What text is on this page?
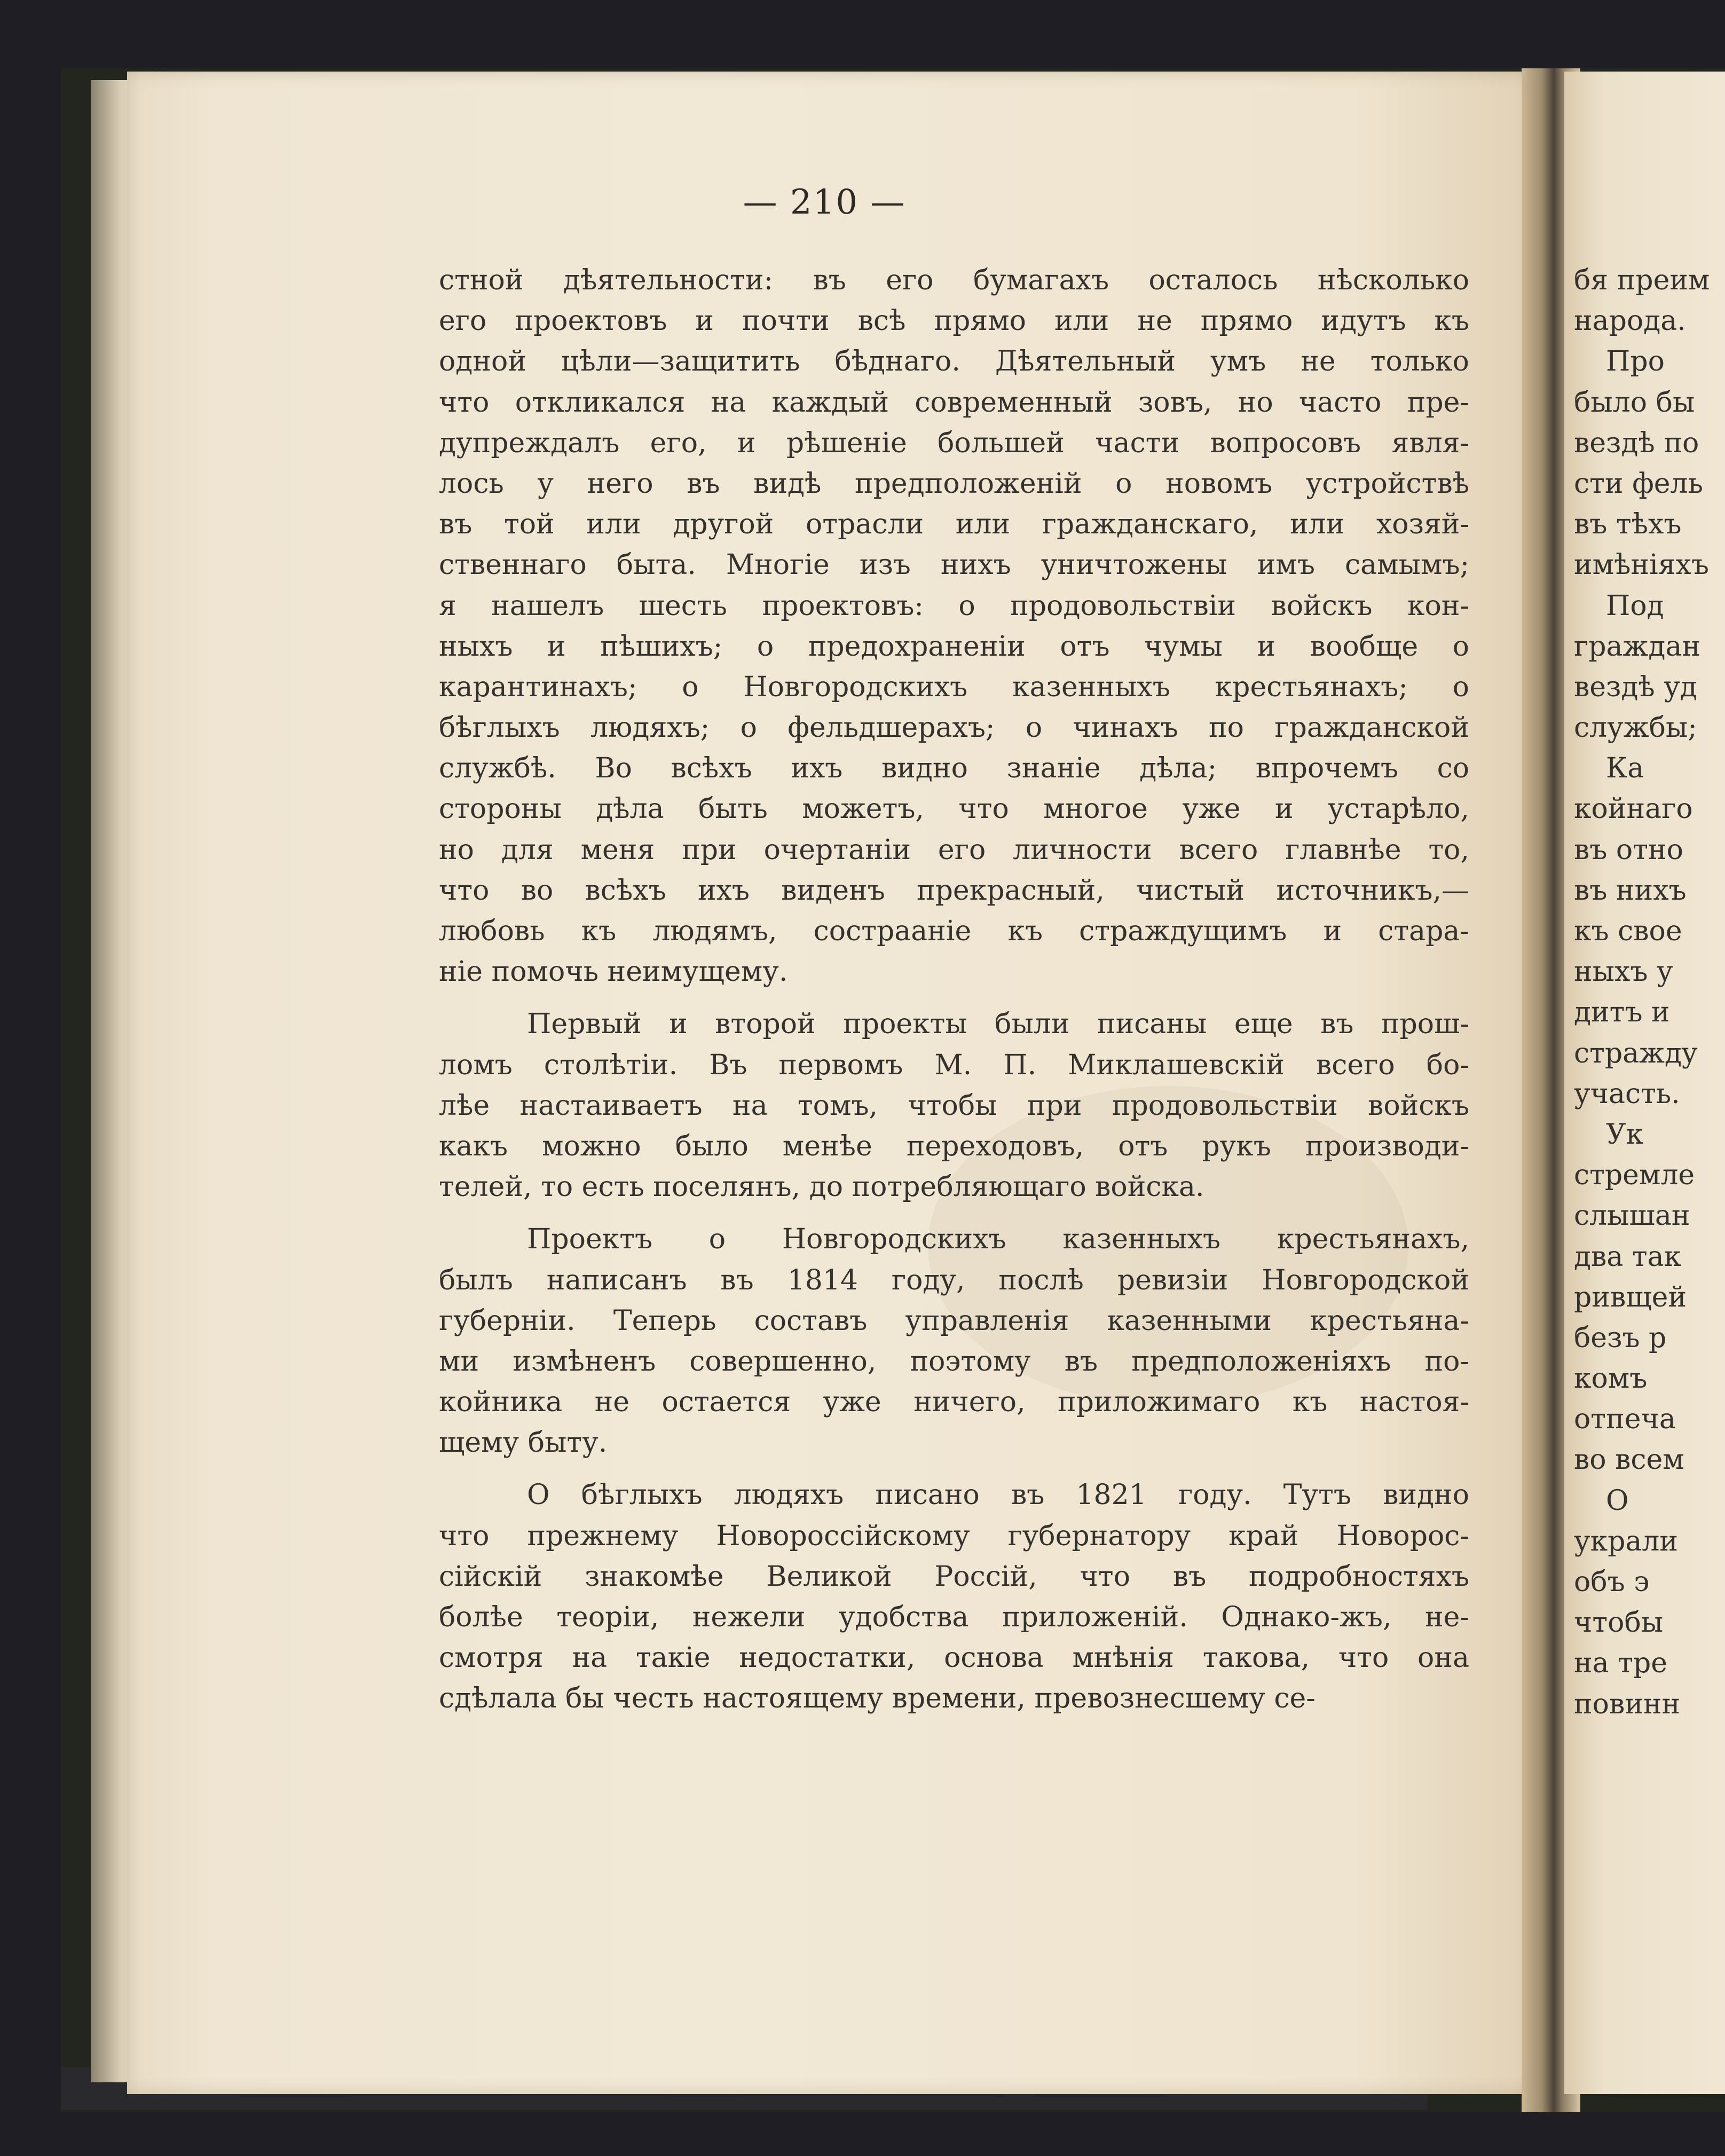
— 210 —
стной дѣятельности: въ его бумагахъ осталось нѣсколько
его проектовъ и почти всѣ прямо или не прямо идутъ къ
одной цѣли—защитить бѣднаго. Дѣятельный умъ не только
что откликался на каждый современный зовъ, но часто пре-
дупреждалъ его, и рѣшеніе большей части вопросовъ явля-
лось у него въ видѣ предположеній о новомъ устройствѣ
въ той или другой отрасли или гражданскаго, или хозяй-
ственнаго быта. Многіе изъ нихъ уничтожены имъ самымъ;
я нашелъ шесть проектовъ: о продовольствіи войскъ кон-
ныхъ и пѣшихъ; о предохраненіи отъ чумы и вообще о
карантинахъ; о Новгородскихъ казенныхъ крестьянахъ; о
бѣглыхъ людяхъ; о фельдшерахъ; о чинахъ по гражданской
службѣ. Во всѣхъ ихъ видно знаніе дѣла; впрочемъ со
стороны дѣла быть можетъ, что многое уже и устарѣло,
но для меня при очертаніи его личности всего главнѣе то,
что во всѣхъ ихъ виденъ прекрасный, чистый источникъ,—
любовь къ людямъ, сострааніе къ страждущимъ и стара-
ніе помочь неимущему.
Первый и второй проекты были писаны еще въ прош-
ломъ столѣтіи. Въ первомъ М. П. Миклашевскій всего бо-
лѣе настаиваетъ на томъ, чтобы при продовольствіи войскъ
какъ можно было менѣе переходовъ, отъ рукъ производи-
телей, то есть поселянъ, до потребляющаго войска.
Проектъ о Новгородскихъ казенныхъ крестьянахъ,
былъ написанъ въ 1814 году, послѣ ревизіи Новгородской
губерніи. Теперь составъ управленія казенными крестьяна-
ми измѣненъ совершенно, поэтому въ предположеніяхъ по-
койника не остается уже ничего, приложимаго къ настоя-
щему быту.
О бѣглыхъ людяхъ писано въ 1821 году. Тутъ видно
что прежнему Новороссійскому губернатору край Новорос-
сійскій знакомѣе Великой Россій, что въ подробностяхъ
болѣе теоріи, нежели удобства приложеній. Однако-жъ, не-
смотря на такіе недостатки, основа мнѣнія такова, что она
сдѣлала бы честь настоящему времени, превознесшему се-
бя преим
народа.
Про
было бы
вездѣ по
сти фель
въ тѣхъ
имѣніяхъ
Под
граждан
вездѣ уд
службы;
Ка
койнаго
въ отно
въ нихъ
къ свое
ныхъ у
дитъ и
страждy
участь.
Ук
стремле
слышан
два так
ривщей
безъ р
комъ
отпеча
во всем
О
украли
объ э
чтобы
на тре
повинн
